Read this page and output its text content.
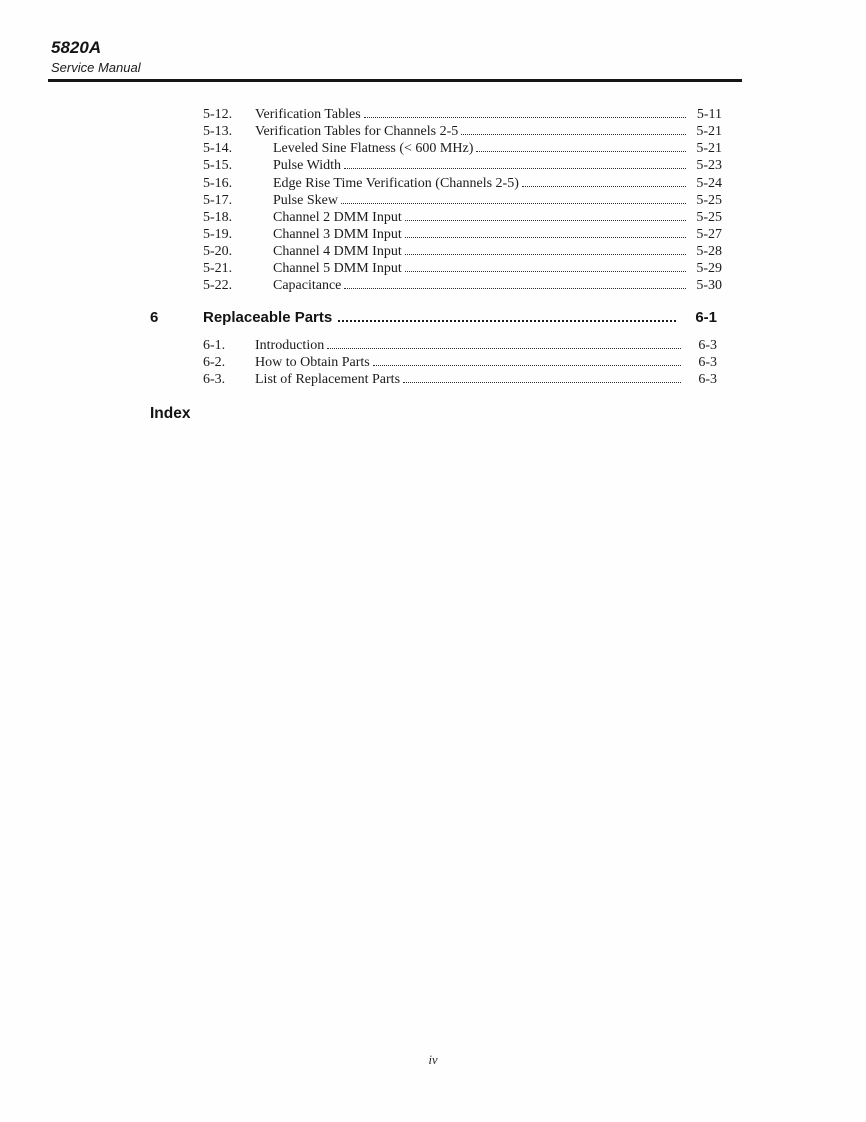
5820A
Service Manual
5-12.	Verification Tables	5-11
5-13.	Verification Tables for Channels 2-5	5-21
5-14.	Leveled Sine Flatness (< 600 MHz)	5-21
5-15.	Pulse Width	5-23
5-16.	Edge Rise Time Verification (Channels 2-5)	5-24
5-17.	Pulse Skew	5-25
5-18.	Channel 2 DMM Input	5-25
5-19.	Channel 3 DMM Input	5-27
5-20.	Channel 4 DMM Input	5-28
5-21.	Channel 5 DMM Input	5-29
5-22.	Capacitance	5-30
6	Replaceable Parts	6-1
6-1.	Introduction	6-3
6-2.	How to Obtain Parts	6-3
6-3.	List of Replacement Parts	6-3
Index
iv
